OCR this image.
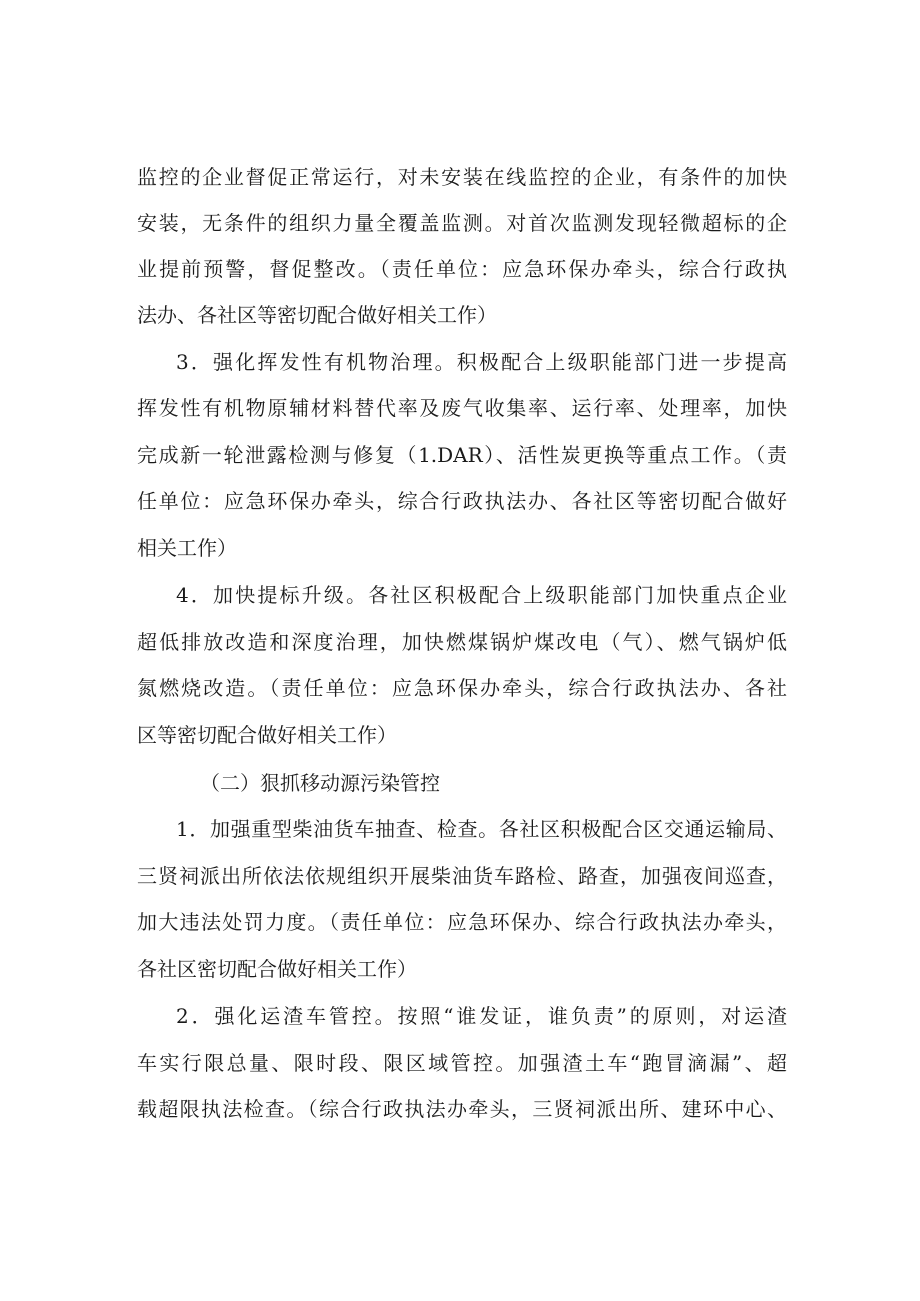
监控的企业督促正常运行，对未安装在线监控的企业，有条件的加快
安装，无条件的组织力量全覆盖监测。对首次监测发现轻微超标的企
业提前预警，督促整改。（责任单位：应急环保办牵头，综合行政执
法办、各社区等密切配合做好相关工作）
3．强化挥发性有机物治理。积极配合上级职能部门进一步提高
挥发性有机物原辅材料替代率及废气收集率、运行率、处理率，加快
完成新一轮泄露检测与修复（1.DAR）、活性炭更换等重点工作。（责
任单位：应急环保办牵头，综合行政执法办、各社区等密切配合做好
相关工作）
4．加快提标升级。各社区积极配合上级职能部门加快重点企业
超低排放改造和深度治理，加快燃煤锅炉煤改电（气）、燃气锅炉低
氮燃烧改造。（责任单位：应急环保办牵头，综合行政执法办、各社
区等密切配合做好相关工作）
（二）狠抓移动源污染管控
1．加强重型柴油货车抽查、检查。各社区积极配合区交通运输局、
三贤祠派出所依法依规组织开展柴油货车路检、路查，加强夜间巡查，
加大违法处罚力度。（责任单位：应急环保办、综合行政执法办牵头，
各社区密切配合做好相关工作）
2．强化运渣车管控。按照“谁发证，谁负责”的原则，对运渣
车实行限总量、限时段、限区域管控。加强渣土车“跑冒滴漏”、超
载超限执法检查。（综合行政执法办牵头，三贤祠派出所、建环中心、
